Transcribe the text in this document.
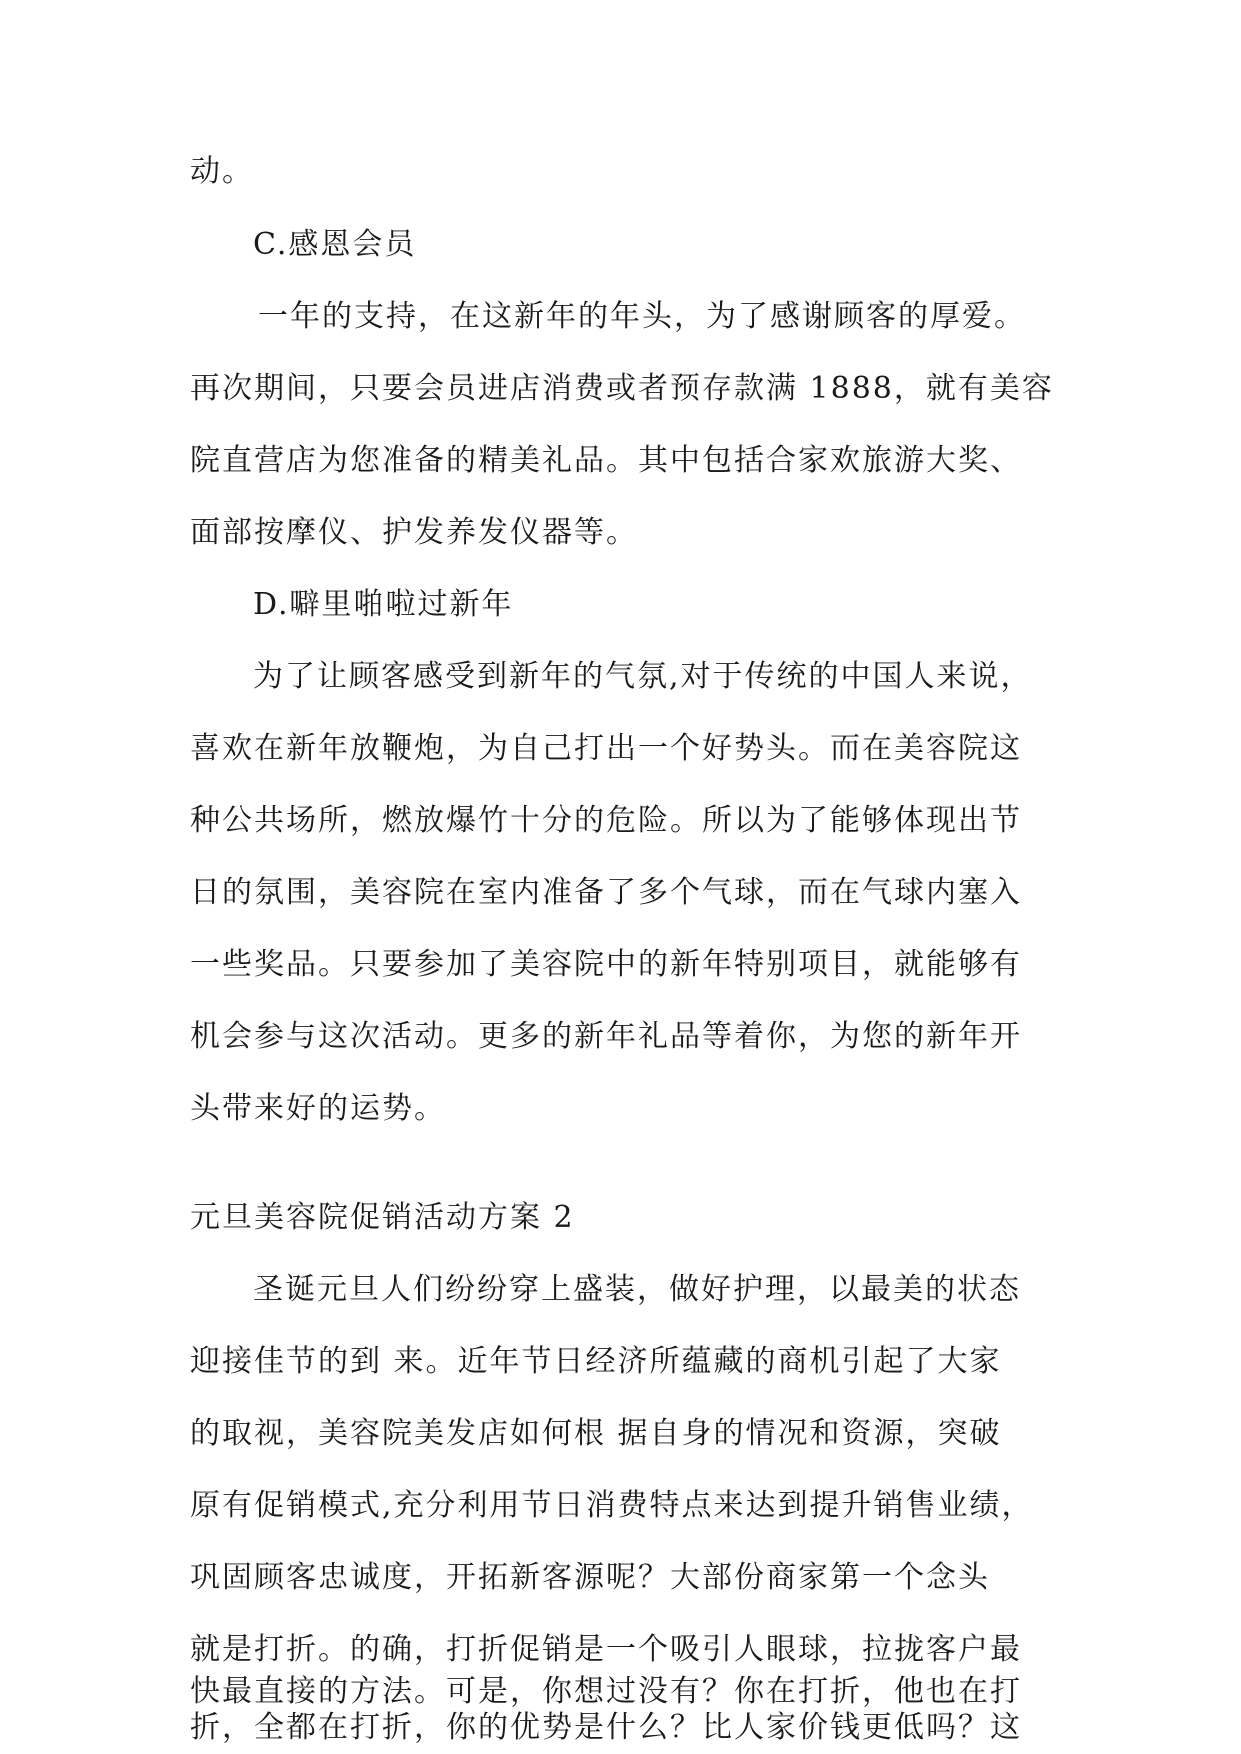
动。
C.感恩会员
一年的支持，在这新年的年头，为了感谢顾客的厚爱。
再次期间，只要会员进店消费或者预存款满 1888，就有美容
院直营店为您准备的精美礼品。其中包括合家欢旅游大奖、
面部按摩仪、护发养发仪器等。
D.噼里啪啦过新年
为了让顾客感受到新年的气氛,对于传统的中国人来说，
喜欢在新年放鞭炮，为自己打出一个好势头。而在美容院这
种公共场所，燃放爆竹十分的危险。所以为了能够体现出节
日的氛围，美容院在室内准备了多个气球，而在气球内塞入
一些奖品。只要参加了美容院中的新年特别项目，就能够有
机会参与这次活动。更多的新年礼品等着你，为您的新年开
头带来好的运势。
元旦美容院促销活动方案 2
圣诞元旦人们纷纷穿上盛装，做好护理，以最美的状态
迎接佳节的到 来。近年节日经济所蕴藏的商机引起了大家
的取视，美容院美发店如何根 据自身的情况和资源，突破
原有促销模式,充分利用节日消费特点来达到提升销售业绩，
巩固顾客忠诚度，开拓新客源呢？大部份商家第一个念头
就是打折。的确，打折促销是一个吸引人眼球，拉拢客户最
快最直接的方法。可是，你想过没有？你在打折，他也在打
折，全都在打折，你的优势是什么？比人家价钱更低吗？这
